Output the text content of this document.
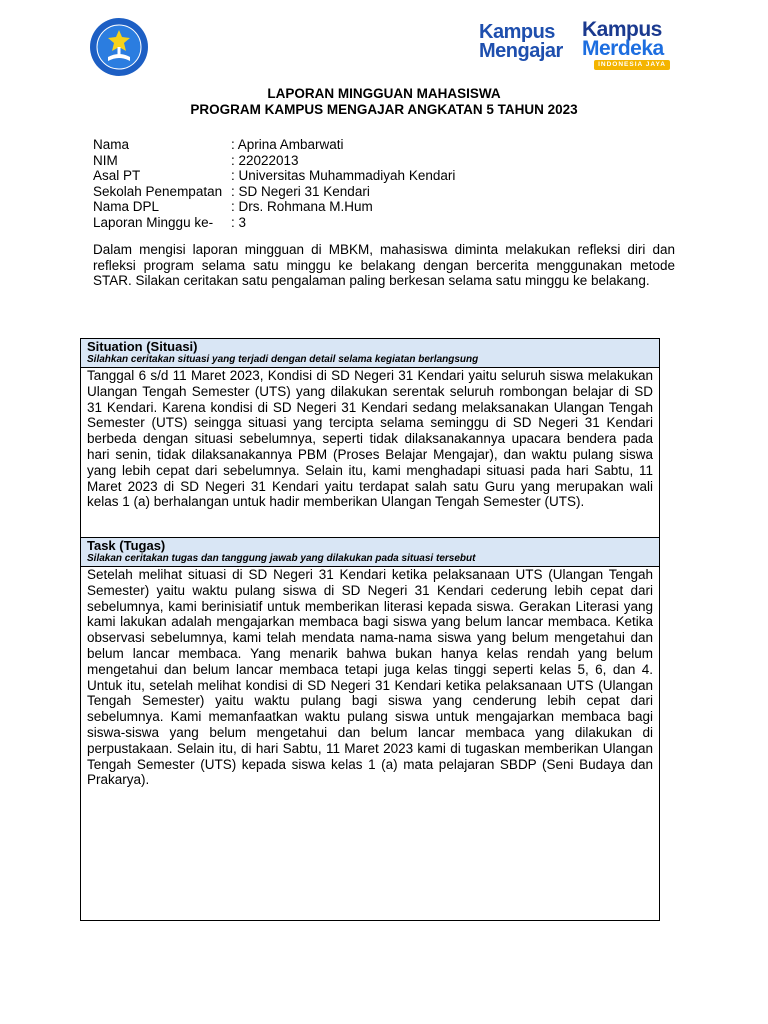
Kampus
Mengajar
Kampus
Merdeka
INDONESIA JAYA
LAPORAN MINGGUAN MAHASISWA
PROGRAM KAMPUS MENGAJAR ANGKATAN 5 TAHUN 2023
Nama	: Aprina Ambarwati
NIM	: 22022013
Asal PT	: Universitas Muhammadiyah Kendari
Sekolah Penempatan : SD Negeri 31 Kendari
Nama DPL	: Drs. Rohmana M.Hum
Laporan Minggu ke-	: 3
Dalam mengisi laporan mingguan di MBKM, mahasiswa diminta melakukan refleksi diri dan refleksi program selama satu minggu ke belakang dengan bercerita menggunakan metode STAR. Silakan ceritakan satu pengalaman paling berkesan selama satu minggu ke belakang.
Situation (Situasi)
Silahkan ceritakan situasi yang terjadi dengan detail selama kegiatan berlangsung
Tanggal 6 s/d 11 Maret 2023, Kondisi di SD Negeri 31 Kendari yaitu seluruh siswa melakukan Ulangan Tengah Semester (UTS) yang dilakukan serentak seluruh rombongan belajar di SD 31 Kendari. Karena kondisi di SD Negeri 31 Kendari sedang melaksanakan Ulangan Tengah Semester (UTS) seingga situasi yang tercipta selama seminggu di SD Negeri 31 Kendari berbeda dengan situasi sebelumnya, seperti tidak dilaksanakannya upacara bendera pada hari senin, tidak dilaksanakannya PBM (Proses Belajar Mengajar), dan waktu pulang siswa yang lebih cepat dari sebelumnya. Selain itu, kami menghadapi situasi pada hari Sabtu, 11 Maret 2023 di SD Negeri 31 Kendari yaitu terdapat salah satu Guru yang merupakan wali kelas 1 (a) berhalangan untuk hadir memberikan Ulangan Tengah Semester (UTS).
Task (Tugas)
Silakan ceritakan tugas dan tanggung jawab yang dilakukan pada situasi tersebut
Setelah melihat situasi di SD Negeri 31 Kendari ketika pelaksanaan UTS (Ulangan Tengah Semester) yaitu waktu pulang siswa di SD Negeri 31 Kendari cederung lebih cepat dari sebelumnya, kami berinisiatif untuk memberikan literasi kepada siswa. Gerakan Literasi yang kami lakukan adalah mengajarkan membaca bagi siswa yang belum lancar membaca. Ketika observasi sebelumnya, kami telah mendata nama-nama siswa yang belum mengetahui dan belum lancar membaca. Yang menarik bahwa bukan hanya kelas rendah yang belum mengetahui dan belum lancar membaca tetapi juga kelas tinggi seperti kelas 5, 6, dan 4. Untuk itu, setelah melihat kondisi di SD Negeri 31 Kendari ketika pelaksanaan UTS (Ulangan Tengah Semester) yaitu waktu pulang bagi siswa yang cenderung lebih cepat dari sebelumnya. Kami memanfaatkan waktu pulang siswa untuk mengajarkan membaca bagi siswa-siswa yang belum mengetahui dan belum lancar membaca yang dilakukan di perpustakaan. Selain itu, di hari Sabtu, 11 Maret 2023 kami di tugaskan memberikan Ulangan Tengah Semester (UTS) kepada siswa kelas 1 (a) mata pelajaran SBDP (Seni Budaya dan Prakarya).
